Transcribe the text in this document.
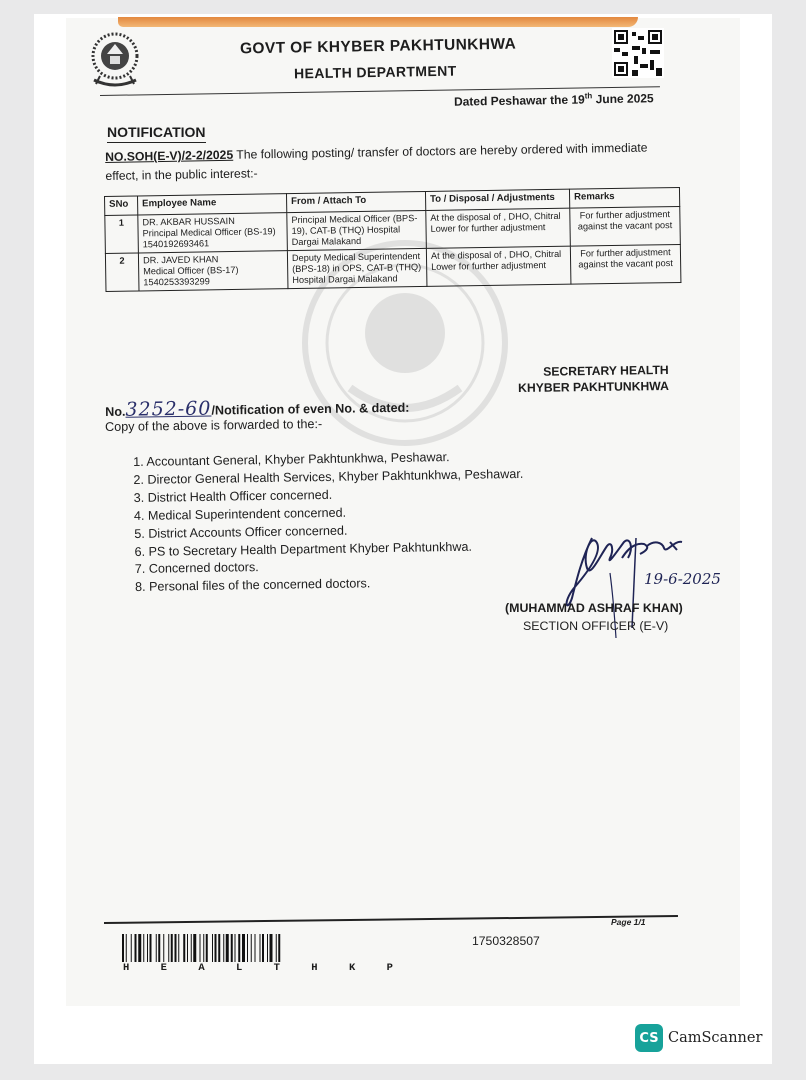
GOVT OF KHYBER PAKHTUNKHWA
HEALTH DEPARTMENT
Dated Peshawar the 19th June 2025
NOTIFICATION
NO.SOH(E-V)/2-2/2025 The following posting/ transfer of doctors are hereby ordered with immediate effect, in the public interest:-
SNo	Employee Name	From / Attach To	To / Disposal / Adjustments	Remarks
1	DR. AKBAR HUSSAIN
Principal Medical Officer (BS-19)
1540192693461	Principal Medical Officer (BPS-19), CAT-B (THQ) Hospital Dargai Malakand	At the disposal of , DHO, Chitral Lower for further adjustment	For further adjustment against the vacant post
2	DR. JAVED KHAN
Medical Officer (BS-17)
1540253393299	Deputy Medical Superintendent (BPS-18) in OPS, CAT-B (THQ) Hospital Dargai Malakand	At the disposal of , DHO, Chitral Lower for further adjustment	For further adjustment against the vacant post
SECRETARY HEALTH
KHYBER PAKHTUNKHWA
No.3252-60/Notification of even No. & dated:
Copy of the above is forwarded to the:-
1. Accountant General, Khyber Pakhtunkhwa, Peshawar.
2. Director General Health Services, Khyber Pakhtunkhwa, Peshawar.
3. District Health Officer concerned.
4. Medical Superintendent concerned.
5. District Accounts Officer concerned.
6. PS to Secretary Health Department Khyber Pakhtunkhwa.
7. Concerned doctors.
8. Personal files of the concerned doctors.	19-6-2025
(MUHAMMAD ASHRAF KHAN)
SECTION OFFICER (E-V)
Page 1/1
H	E	A	L	T	H	K	P
1750328507
CS CamScanner
